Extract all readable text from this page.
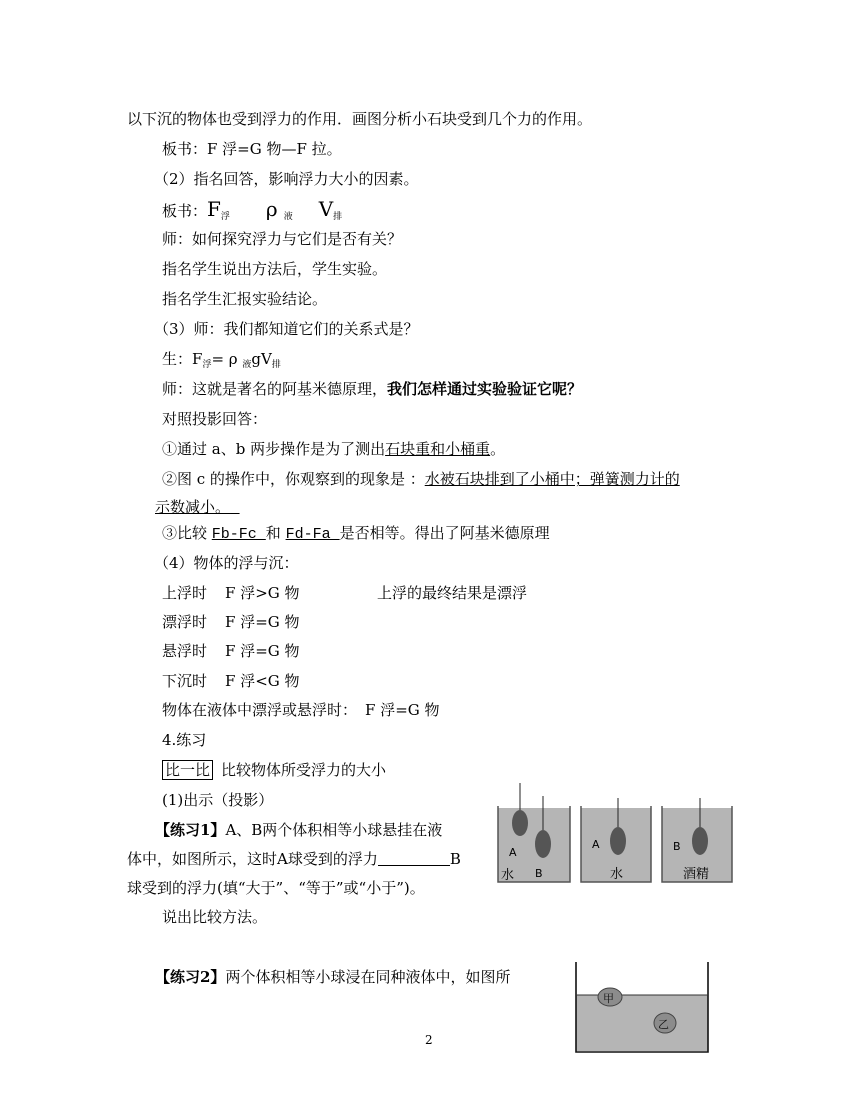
以下沉的物体也受到浮力的作用．画图分析小石块受到几个力的作用。
板书：F 浮=G 物—F 拉。
（2）指名回答，影响浮力大小的因素。
板书：$F_浮$ ρ $_液$ $V_排$
师：如何探究浮力与它们是否有关？
指名学生说出方法后，学生实验。
指名学生汇报实验结论。
（3）师：我们都知道它们的关系式是？
生：$F_浮= \rho$ $_液gV_排$
师：这就是著名的阿基米德原理，我们怎样通过实验验证它呢？
对照投影回答：
①通过 a、b 两步操作是为了测出石块重和小桶重。
②图 c 的操作中，你观察到的现象是 ：水被石块排到了小桶中；弹簧测力计的
示数减小。
③比较 Fb-Fc 和 Fd-Fa 是否相等。得出了阿基米德原理
（4）物体的浮与沉：
上浮时 F 浮>G 物	上浮的最终结果是漂浮
漂浮时 F 浮=G 物
悬浮时 F 浮=G 物
下沉时 F 浮<G 物
物体在液体中漂浮或悬浮时： F 浮=G 物
4.练习
比一比 比较物体所受浮力的大小
(1)出示（投影）
【练习1】A、B两个体积相等小球悬挂在液
体中，如图所示，这时A球受到的浮力	B
球受到的浮力(填“大于”、“等于”或“小于”)。
说出比较方法。
【练习2】两个体积相等小球浸在同种液体中，如图所
A
B
水
A
水
B
酒精
甲
乙
2
